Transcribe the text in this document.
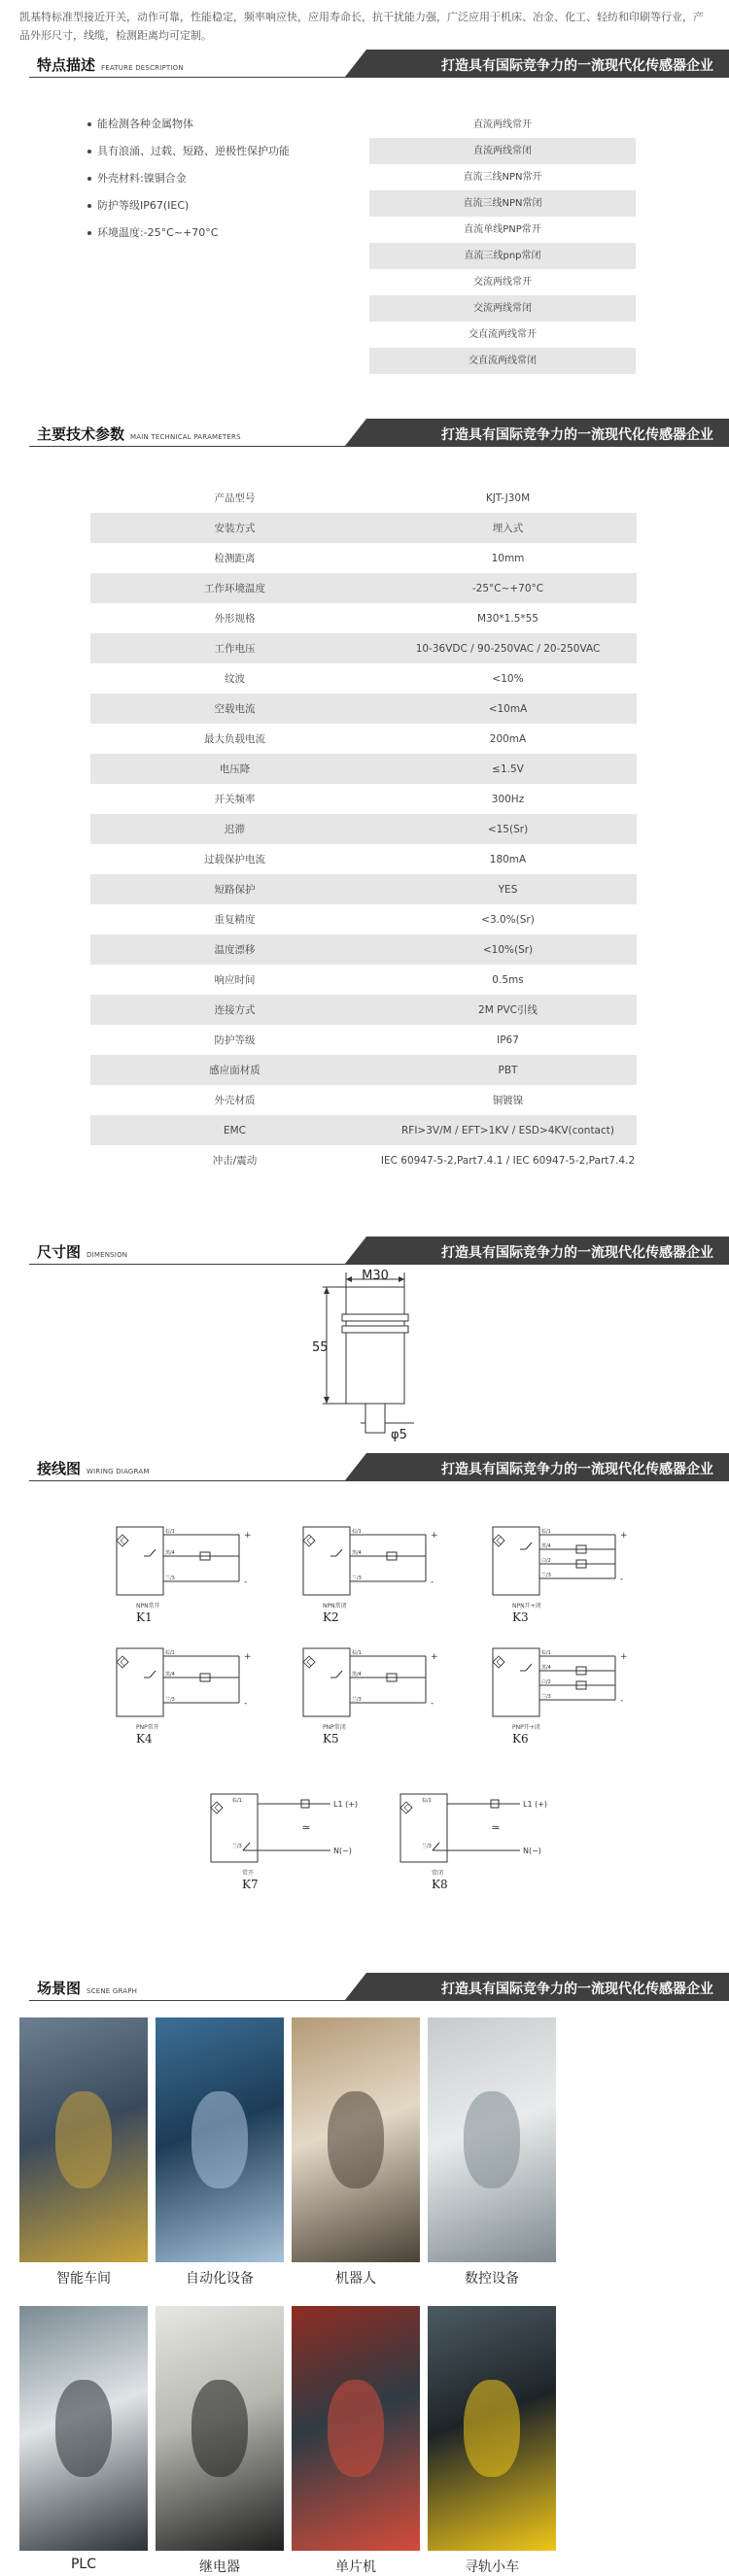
凯基特标准型接近开关，动作可靠，性能稳定，频率响应快，应用寿命长，抗干扰能力强，广泛应用于机床、冶金、化工、轻纺和印刷等行业，产品外形尺寸，线缆，检测距离均可定制。
特点描述 FEATURE DESCRIPTION	打造具有国际竞争力的一流现代化传感器企业
能检测各种金属物体
具有浪涌、过载、短路、逆极性保护功能
外壳材料:镍铜合金
防护等级IP67(IEC)
环境温度:-25°C~+70°C
直流两线常开
直流两线常闭
直流三线NPN常开
直流三线NPN常闭
直流单线PNP常开
直流三线pnp常闭
交流两线常开
交流两线常闭
交直流两线常开
交直流两线常闭
主要技术参数 MAIN TECHNICAL PARAMETERS	打造具有国际竞争力的一流现代化传感器企业
产品型号	KJT-J30M
安装方式	埋入式
检测距离	10mm
工作环境温度	-25°C~+70°C
外形规格	M30*1.5*55
工作电压	10-36VDC / 90-250VAC / 20-250VAC
纹波	<10%
空载电流	<10mA
最大负载电流	200mA
电压降	≤1.5V
开关频率	300Hz
迟滞	<15(Sr)
过载保护电流	180mA
短路保护	YES
重复精度	<3.0%(Sr)
温度漂移	<10%(Sr)
响应时间	0.5ms
连接方式	2M PVC引线
防护等级	IP67
感应面材质	PBT
外壳材质	铜镀镍
EMC	RFI>3V/M / EFT>1KV / ESD>4KV(contact)
冲击/震动	IEC 60947-5-2,Part7.4.1 / IEC 60947-5-2,Part7.4.2
尺寸图 DIMENSION	打造具有国际竞争力的一流现代化传感器企业
M30
55
φ5
接线图 WIRING DIAGRAM	打造具有国际竞争力的一流现代化传感器企业
棕/1
黑/4
兰/3
+
-
NPN常开
K1
棕/1
黑/4
兰/3
+
-
NPN常闭
K2
棕/1
黑/4
白/2
兰/3
+
-
NPN开+闭
K3
棕/1
黑/4
兰/3
+
-
PNP常开
K4
棕/1
黑/4
兰/3
+
-
PNP常闭
K5
棕/1
黑/4
白/2
兰/3
+
-
PNP开+闭
K6
棕/1
兰/3
L1 (+)
N(−)
≃
常开
K7
棕/1
兰/3
L1 (+)
N(−)
≃
常闭
K8
场景图 SCENE GRAPH	打造具有国际竞争力的一流现代化传感器企业
智能车间	自动化设备	机器人	数控设备
PLC	继电器	单片机	寻轨小车
